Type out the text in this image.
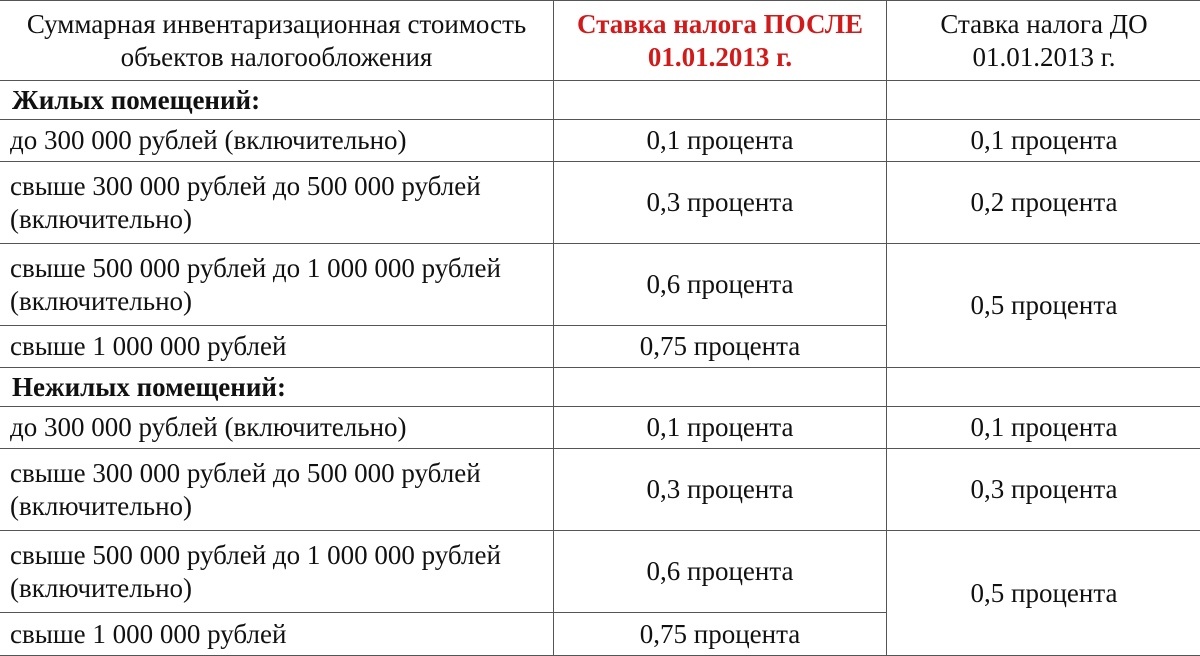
Суммарная инвентаризационная стоимость объектов налогообложения	Ставка налога ПОСЛЕ 01.01.2013 г.	Ставка налога ДО 01.01.2013 г.
Жилых помещений:		
до 300 000 рублей (включительно)	0,1 процента	0,1 процента
свыше 300 000 рублей до 500 000 рублей (включительно)	0,3 процента	0,2 процента
свыше 500 000 рублей до 1 000 000 рублей (включительно)	0,6 процента	0,5 процента
свыше 1 000 000 рублей	0,75 процента	
Нежилых помещений:		
до 300 000 рублей (включительно)	0,1 процента	0,1 процента
свыше 300 000 рублей до 500 000 рублей (включительно)	0,3 процента	0,3 процента
свыше 500 000 рублей до 1 000 000 рублей (включительно)	0,6 процента	0,5 процента
свыше 1 000 000 рублей	0,75 процента	
